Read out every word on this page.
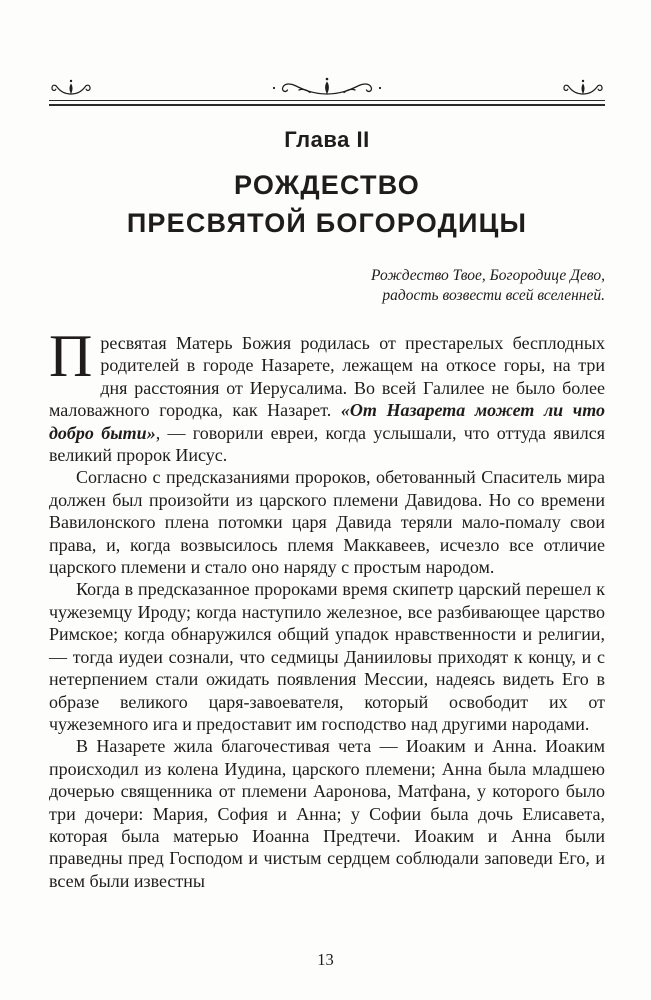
Глава II
РОЖДЕСТВО
ПРЕСВЯТОЙ БОГОРОДИЦЫ
Рождество Твое, Богородице Дево,
радость возвести всей вселенней.

Пресвятая Матерь Божия родилась от престарелых бесплодных родителей в городе Назарете, лежащем на откосе горы, на три дня расстояния от Иерусалима. Во всей Галилее не было более маловажного городка, как Назарет. «От Назарета может ли что добро быти», — говорили евреи, когда услышали, что оттуда явился великий пророк Иисус.

Согласно с предсказаниями пророков, обетованный Спаситель мира должен был произойти из царского племени Давидова. Но со времени Вавилонского плена потомки царя Давида теряли мало-помалу свои права, и, когда возвысилось племя Маккавеев, исчезло все отличие царского племени и стало оно наряду с простым народом.

Когда в предсказанное пророками время скипетр царский перешел к чужеземцу Ироду; когда наступило железное, все разбивающее царство Римское; когда обнаружился общий упадок нравственности и религии, — тогда иудеи сознали, что седмицы Данииловы приходят к концу, и с нетерпением стали ожидать появления Мессии, надеясь видеть Его в образе великого царя-завоевателя, который освободит их от чужеземного ига и предоставит им господство над другими народами.

В Назарете жила благочестивая чета — Иоаким и Анна. Иоаким происходил из колена Иудина, царского племени; Анна была младшею дочерью священника от племени Ааронова, Матфана, у которого было три дочери: Мария, София и Анна; у Софии была дочь Елисавета, которая была матерью Иоанна Предтечи. Иоаким и Анна были праведны пред Господом и чистым сердцем соблюдали заповеди Его, и всем были известны

13
